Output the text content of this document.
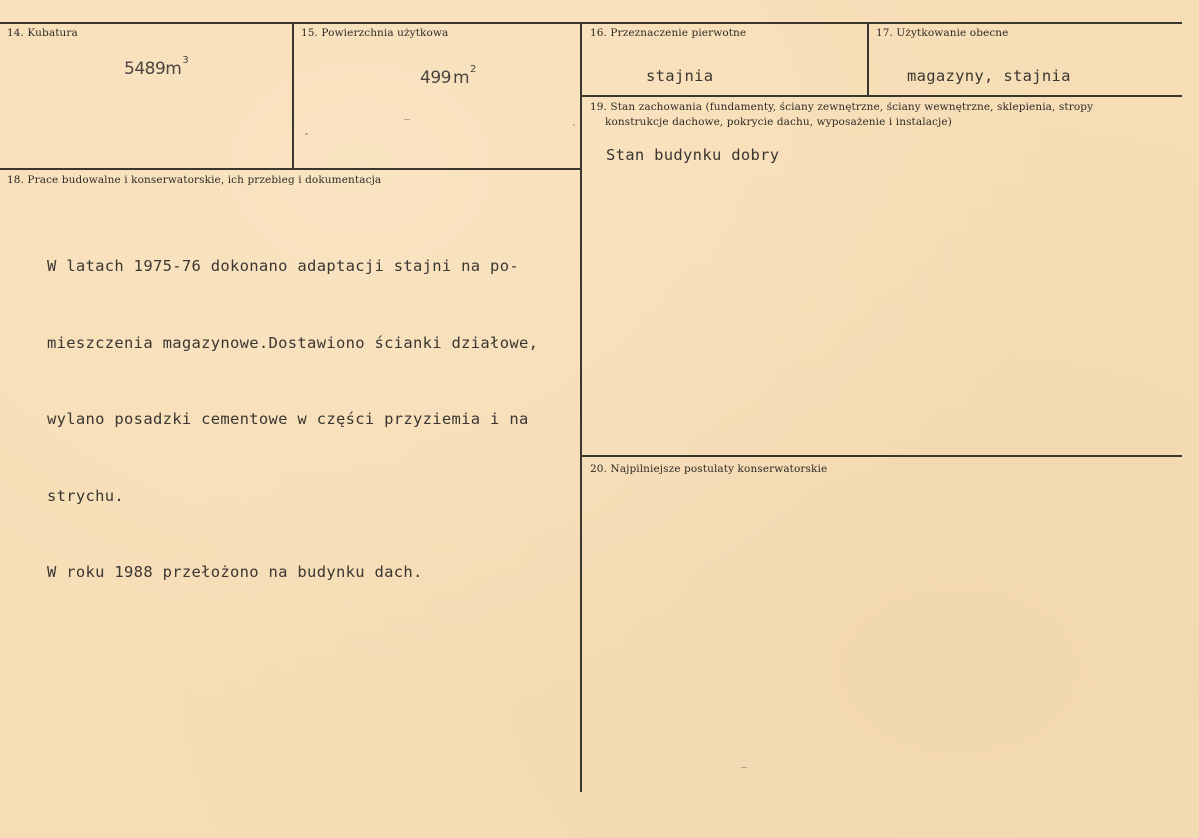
14. Kubatura
$5489m^3$
15. Powierzchnia użytkowa
499 $m^2$
16. Przeznaczenie pierwotne
stajnia
17. Użytkowanie obecne
magazyny, stajnia
18. Prace budowalne i konserwatorskie, ich przebieg i dokumentacja

W latach 1975-76 dokonano adaptacji stajni na po-

mieszczenia magazynowe.Dostawiono ścianki działowe,

wylano posadzki cementowe w części przyziemia i na

strychu.

W roku 1988 przełożono na budynku dach.

19. Stan zachowania (fundamenty, ściany zewnętrzne, ściany wewnętrzne, sklepienia, stropy
konstrukcje dachowe, pokrycie dachu, wyposażenie i instalacje)
Stan budynku dobry
20. Najpilniejsze postulaty konserwatorskie
